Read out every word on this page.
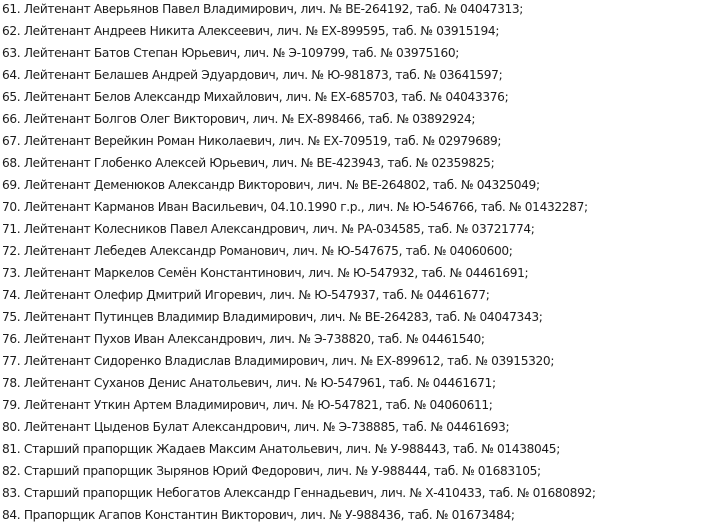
61. Лейтенант Аверьянов Павел Владимирович, лич. № ВЕ-264192, таб. № 04047313;
62. Лейтенант Андреев Никита Алексеевич, лич. № ЕХ-899595, таб. № 03915194;
63. Лейтенант Батов Степан Юрьевич, лич. № Э-109799, таб. № 03975160;
64. Лейтенант Белашев Андрей Эдуардович, лич. № Ю-981873, таб. № 03641597;
65. Лейтенант Белов Александр Михайлович, лич. № ЕХ-685703, таб. № 04043376;
66. Лейтенант Болгов Олег Викторович, лич. № ЕХ-898466, таб. № 03892924;
67. Лейтенант Верейкин Роман Николаевич, лич. № ЕХ-709519, таб. № 02979689;
68. Лейтенант Глобенко Алексей Юрьевич, лич. № ВЕ-423943, таб. № 02359825;
69. Лейтенант Деменюков Александр Викторович, лич. № ВЕ-264802, таб. № 04325049;
70. Лейтенант Карманов Иван Васильевич, 04.10.1990 г.р., лич. № Ю-546766, таб. № 01432287;
71. Лейтенант Колесников Павел Александрович, лич. № РА-034585, таб. № 03721774;
72. Лейтенант Лебедев Александр Романович, лич. № Ю-547675, таб. № 04060600;
73. Лейтенант Маркелов Семён Константинович, лич. № Ю-547932, таб. № 04461691;
74. Лейтенант Олефир Дмитрий Игоревич, лич. № Ю-547937, таб. № 04461677;
75. Лейтенант Путинцев Владимир Владимирович, лич. № ВЕ-264283, таб. № 04047343;
76. Лейтенант Пухов Иван Александрович, лич. № Э-738820, таб. № 04461540;
77. Лейтенант Сидоренко Владислав Владимирович, лич. № ЕХ-899612, таб. № 03915320;
78. Лейтенант Суханов Денис Анатольевич, лич. № Ю-547961, таб. № 04461671;
79. Лейтенант Уткин Артем Владимирович, лич. № Ю-547821, таб. № 04060611;
80. Лейтенант Цыденов Булат Александрович, лич. № Э-738885, таб. № 04461693;
81. Старший прапорщик Жадаев Максим Анатольевич, лич. № У-988443, таб. № 01438045;
82. Старший прапорщик Зырянов Юрий Федорович, лич. № У-988444, таб. № 01683105;
83. Старший прапорщик Небогатов Александр Геннадьевич, лич. № Х-410433, таб. № 01680892;
84. Прапорщик Агапов Константин Викторович, лич. № У-988436, таб. № 01673484;
